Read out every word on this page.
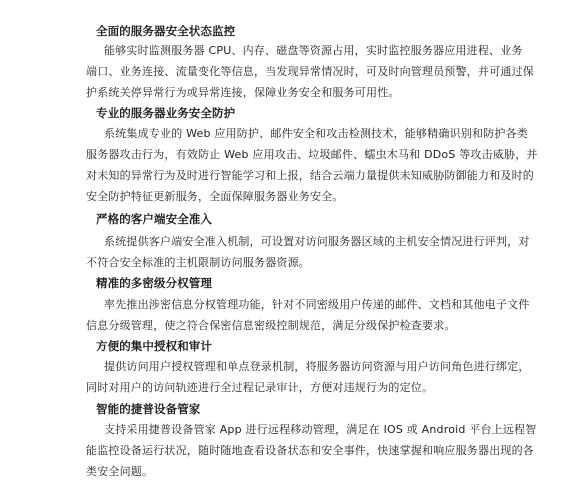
全面的服务器安全状态监控
能够实时监测服务器 CPU、内存、磁盘等资源占用，实时监控服务器应用进程、业务
端口、业务连接、流量变化等信息，当发现异常情况时，可及时向管理员预警，并可通过保
护系统关停异常行为或异常连接，保障业务安全和服务可用性。
专业的服务器业务安全防护
系统集成专业的 Web 应用防护、邮件安全和攻击检测技术，能够精确识别和防护各类
服务器攻击行为，有效防止 Web 应用攻击、垃圾邮件、蠕虫木马和 DDoS 等攻击威胁，并
对未知的异常行为及时进行智能学习和上报，结合云端力量提供未知威胁防御能力和及时的
安全防护特征更新服务，全面保障服务器业务安全。
严格的客户端安全准入
系统提供客户端安全准入机制，可设置对访问服务器区域的主机安全情况进行评判，对
不符合安全标准的主机限制访问服务器资源。
精准的多密级分权管理
率先推出涉密信息分权管理功能，针对不同密级用户传递的邮件、文档和其他电子文件
信息分级管理，使之符合保密信息密级控制规范，满足分级保护检查要求。
方便的集中授权和审计
提供访问用户授权管理和单点登录机制，将服务器访问资源与用户访问角色进行绑定，
同时对用户的访问轨迹进行全过程记录审计，方便对违规行为的定位。
智能的捷普设备管家
支持采用捷普设备管家 App 进行远程移动管理，满足在 IOS 或 Android 平台上远程智
能监控设备运行状况，随时随地查看设备状态和安全事件，快速掌握和响应服务器出现的各
类安全问题。
